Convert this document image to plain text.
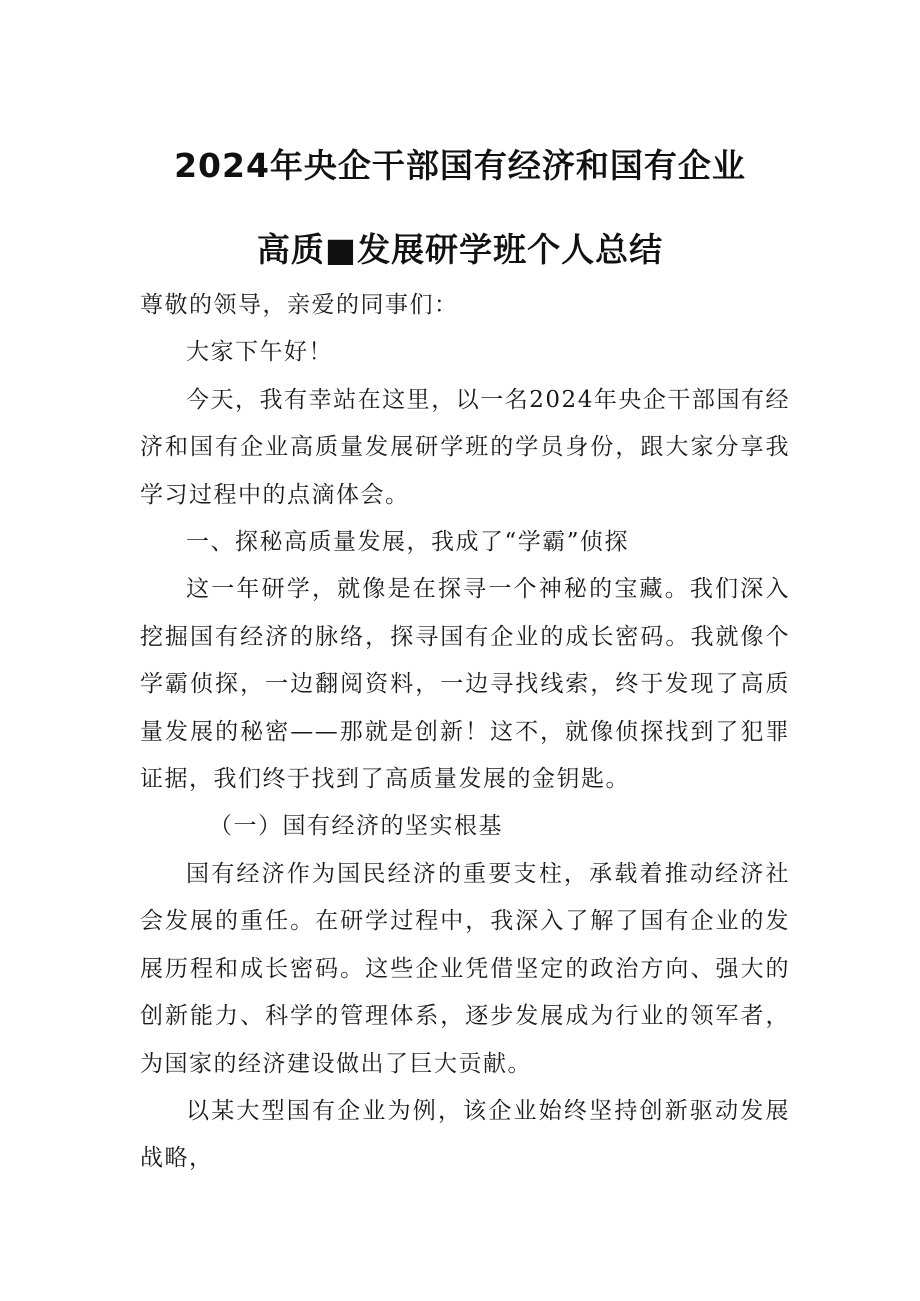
2024年央企干部国有经济和国有企业
高质■发展研学班个人总结

尊敬的领导，亲爱的同事们：

大家下午好！

今天，我有幸站在这里，以一名2024年央企干部国有经济和国有企业高质量发展研学班的学员身份，跟大家分享我学习过程中的点滴体会。

一、探秘高质量发展，我成了“学霸”侦探

这一年研学，就像是在探寻一个神秘的宝藏。我们深入挖掘国有经济的脉络，探寻国有企业的成长密码。我就像个学霸侦探，一边翻阅资料，一边寻找线索，终于发现了高质量发展的秘密——那就是创新！这不，就像侦探找到了犯罪证据，我们终于找到了高质量发展的金钥匙。

（一）国有经济的坚实根基

国有经济作为国民经济的重要支柱，承载着推动经济社会发展的重任。在研学过程中，我深入了解了国有企业的发展历程和成长密码。这些企业凭借坚定的政治方向、强大的创新能力、科学的管理体系，逐步发展成为行业的领军者，为国家的经济建设做出了巨大贡献。

以某大型国有企业为例，该企业始终坚持创新驱动发展战略，
